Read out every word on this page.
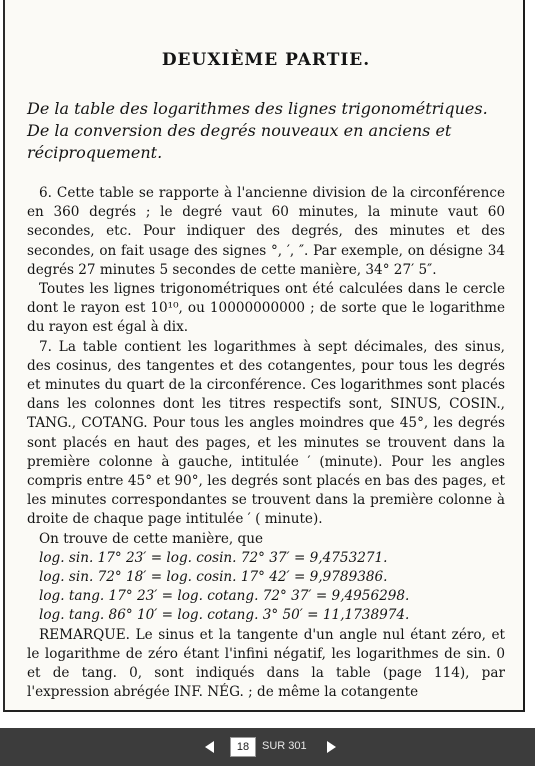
DEUXIÈME PARTIE.

De la table des logarithmes des lignes trigonométriques. De la conversion des degrés nouveaux en anciens et réciproquement.

6. Cette table se rapporte à l'ancienne division de la circonférence en 360 degrés ; le degré vaut 60 minutes, la minute vaut 60 secondes, etc. Pour indiquer des degrés, des minutes et des secondes, on fait usage des signes °, ′, ″. Par exemple, on désigne 34 degrés 27 minutes 5 secondes de cette manière, 34° 27′ 5″.

Toutes les lignes trigonométriques ont été calculées dans le cercle dont le rayon est 10¹⁰, ou 10000000000 ; de sorte que le logarithme du rayon est égal à dix.

7. La table contient les logarithmes à sept décimales, des sinus, des cosinus, des tangentes et des cotangentes, pour tous les degrés et minutes du quart de la circonférence. Ces logarithmes sont placés dans les colonnes dont les titres respectifs sont, SINUS, COSIN., TANG., COTANG. Pour tous les angles moindres que 45°, les degrés sont placés en haut des pages, et les minutes se trouvent dans la première colonne à gauche, intitulée ′ (minute). Pour les angles compris entre 45° et 90°, les degrés sont placés en bas des pages, et les minutes correspondantes se trouvent dans la première colonne à droite de chaque page intitulée ′ ( minute).

On trouve de cette manière, que

log. sin. 17° 23′ = log. cosin. 72° 37′ = 9,4753271.
log. sin. 72° 18′ = log. cosin. 17° 42′ = 9,9789386.
log. tang. 17° 23′ = log. cotang. 72° 37′ = 9,4956298.
log. tang. 86° 10′ = log. cotang. 3° 50′ = 11,1738974.

REMARQUE. Le sinus et la tangente d'un angle nul étant zéro, et le logarithme de zéro étant l'infini négatif, les logarithmes de sin. 0 et de tang. 0, sont indiqués dans la table (page 114), par l'expression abrégée INF. NÉG. ; de même la cotangente

18	SUR 301
